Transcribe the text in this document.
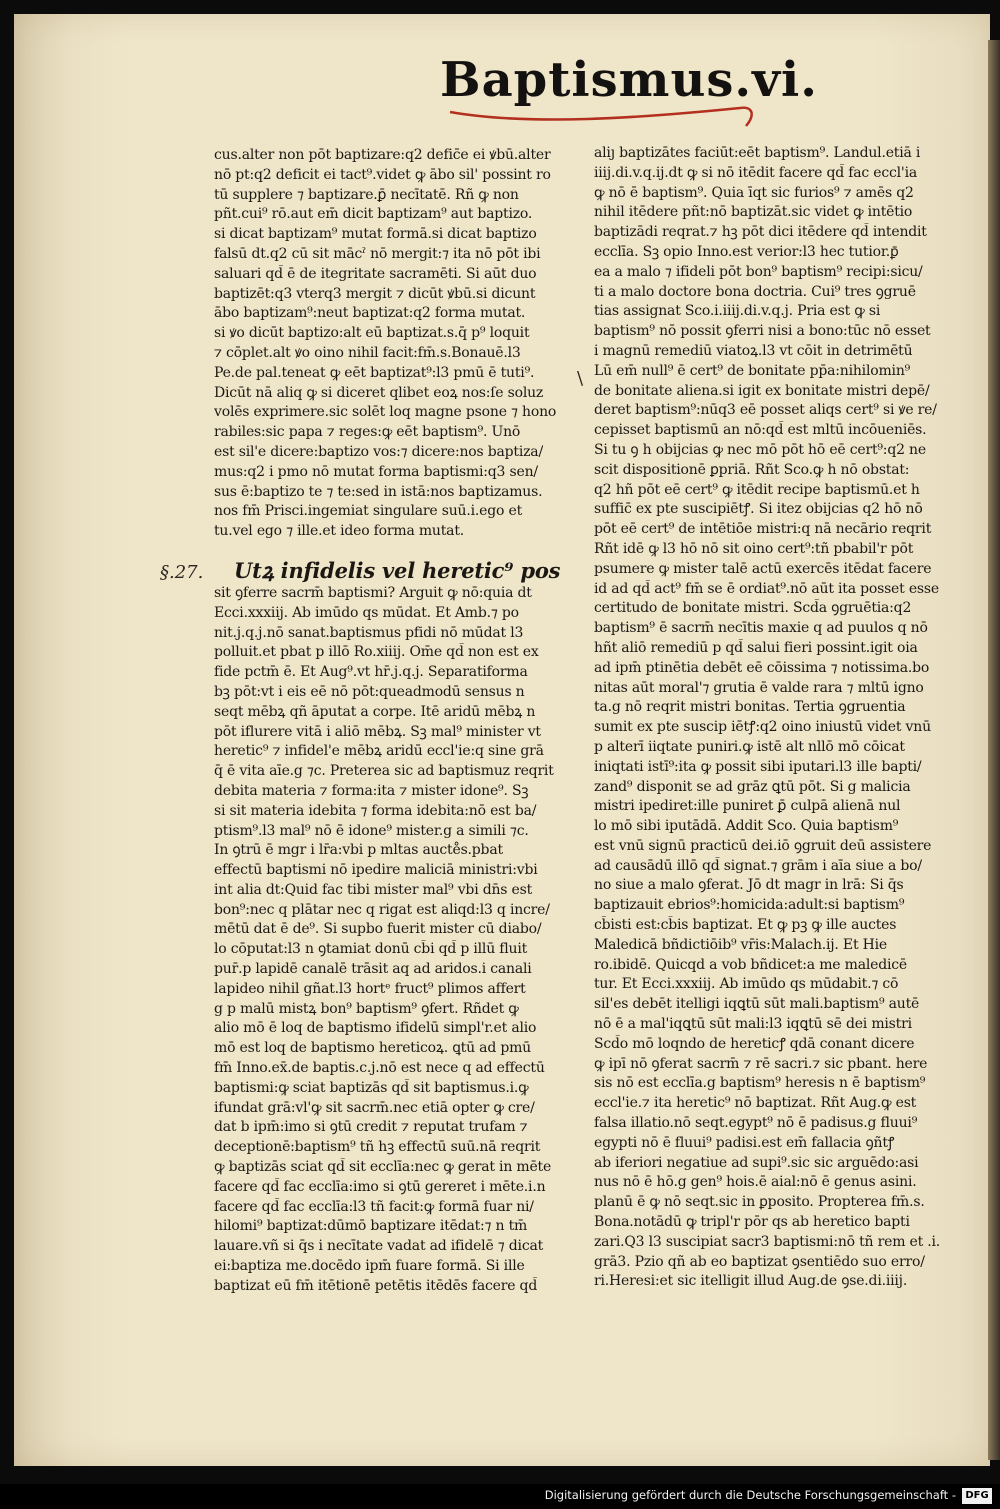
Baptismus.vi.
\
§.27.
cus.alter non pōt baptizare:q2 defic̄e ei ꝟbū.alter
nō pt:q2 deficit ei tact⁹.videt ꝙ ābo sil' possint ro
tū supplere ⁊ baptizare.ꝑ̄ necītatē. Rñ ꝙ non
pñt.cui⁹ rō.aut em̄ dicit baptizam⁹ aut baptizo.
si dicat baptizam⁹ mutat formā.si dicat baptizo
falsū dt.q2 cū sit mācˀ nō mergit:⁊ ita nō pōt ibi
saluari qd̄ ē de itegritate sacramēti. Si aūt duo
baptizēt:q3 vterq3 mergit ⁊ dicūt ꝟbū.si dicunt
ābo baptizam⁹:neut baptizat:q2 forma mutat.
si ꝟo dicūt baptizo:alt eū baptizat.s.q̄ p⁹ loquit
⁊ cōplet.alt ꝟo oino nihil facit:fm̄.s.Bonauē.l3
Pe.de pal.teneat ꝙ eēt baptizat⁹:l3 pmū ē tuti⁹.
Dicūt nā aliq ꝙ si diceret qlibet eoꝝ nos:ſe soluz
volēs exprimere.sic solēt loq magne psone ⁊ hono
rabiles:sic papa ⁊ reges:ꝙ eēt baptism⁹. Unō
est sil'e dicere:baptizo vos:⁊ dicere:nos baptiza/
mus:q2 i pmo nō mutat forma baptismi:q3 sen/
sus ē:baptizo te ⁊ te:sed in istā:nos baptizamus.
nos fm̄ Prisci.ingemiat singulare suū.i.ego et
tu.vel ego ⁊ ille.et ideo forma mutat.
Utꝝ infidelis vel heretic⁹ pos
sit ꝯferre sacrm̄ baptismi? Arguit ꝙ nō:quia dt
Ecci.xxxiij. Ab imūdo qs mūdat. Et Amb.⁊ po
nit.j.q.j.nō sanat.baptismus pfidi nō mūdat l3
polluit.et pbat p illō Ro.xiiij. Om̄e qd̄ non est ex
fide pctm̄ ē. Et Aug⁹.vt hr̄.j.q.j. Separatiforma
bꝫ pōt:vt i eis eē nō pōt:queadmodū sensus n
seqt mēbꝝ qñ āputat a corpe. Itē aridū mēbꝝ n
pōt iflurere vitā i aliō mēbꝝ. Sꝫ mal⁹ minister vt
heretic⁹ ⁊ infidel'e mēbꝝ aridū eccl'ie:q sine grā
q̄ ē vita aīe.g ⁊c. Preterea sic ad baptismuz reqrit
debita materia ⁊ forma:ita ⁊ mister idone⁹. Sꝫ
si sit materia idebita ⁊ forma idebita:nō est ba/
ptism⁹.l3 mal⁹ nō ē idone⁹ mister.g a simili ⁊c.
In ꝯtrū ē mgr i lr̄a:vbi p mltas aucte̊s.pbat
effectū baptismi nō ipedire maliciā ministri:vbi
int alia dt:Quid fac tibi mister mal⁹ vbi dn̄s est
bon⁹:nec q plātar nec q rigat est aliqd:l3 q incre/
mētū dat ē de⁹. Si supbo fuerit mister cū diabo/
lo cōputat:l3 n ꝯtamiat donū cb̄i qd̄ p illū fluit
pur̄.p lapidē canalē trāsit aq ad aridos.i canali
lapideo nihil gñat.l3 hortᵉ fruct⁹ plimos affert
g p malū mistꝝ bon⁹ baptism⁹ ꝯfert. Rñdet ꝙ
alio mō ē loq de baptismo ifidelū simpl'r.et alio
mō est loq de baptismo hereticoꝝ. ꝗtū ad pmū
fm̄ Inno.ex̄.de baptis.c.j.nō est nece q ad effectū
baptismi:ꝙ sciat baptizās qd̄ sit baptismus.i.ꝙ
ifundat grā:vl'ꝙ sit sacrm̄.nec etiā opter ꝙ cre/
dat b ipm̄:imo si ꝯtū credit ⁊ reputat trufam ⁊
deceptionē:baptism⁹ tñ hꝫ effectū suū.nā reqrit
ꝙ baptizās sciat qd̄ sit ecclīa:nec ꝙ gerat in mēte
facere qd̄ fac ecclīa:imo si ꝯtū gereret i mēte.i.n
facere qd̄ fac ecclīa:l3 tñ facit:ꝙ formā fuar ni/
hilomi⁹ baptizat:dūmō baptizare itēdat:⁊ n tm̄
lauare.vñ si q̄s i necītate vadat ad ifidelē ⁊ dicat
ei:baptiza me.docēdo ipm̄ fuare formā. Si ille
baptizat eū fm̄ itētionē petētis itēdēs facere qd̄
aliȷ baptizātes faciūt:eēt baptism⁹. Landul.etiā i
iiij.di.v.q.ij.dt ꝙ si nō itēdit facere qd̄ fac eccl'ia
ꝙ nō ē baptism⁹. Quia īqt sic furios⁹ ⁊ amēs q2
nihil itēdere pñt:nō baptizāt.sic videt ꝙ intētio
baptizādi reqrat.⁊ hꝫ pōt dici itēdere qd̄ intendit
ecclīa. Sꝫ opio Inno.est verior:l3 hec tutior.ꝑ̄
ea a malo ⁊ ifideli pōt bon⁹ baptism⁹ recipi:sicu/
ti a malo doctore bona doctria. Cui⁹ tres ꝯgruē
tias assignat Sco.i.iiij.di.v.q.j. Pria est ꝙ si
baptism⁹ nō possit ꝯferri nisi a bono:tūc nō esset
i magnū remediū viatoꝝ.l3 vt cōit in detrimētū
Lū em̄ null⁹ ē cert⁹ de bonitate pp̄a:nihilomin⁹
de bonitate aliena.si igit ex bonitate mistri depē/
deret baptism⁹:nūq3 eē posset aliqs cert⁹ si ꝟe re/
cepisset baptismū an nō:qd̄ est mltū incōueniēs.
Si tu ꝯ h obijcias ꝙ nec mō pōt hō eē cert⁹:q2 ne
scit dispositionē ꝑpriā. Rñt Sco.ꝙ h nō obstat:
q2 hñ pōt eē cert⁹ ꝙ itēdit recipe baptismū.et h
suffic̄ ex pte suscipiētꝭ. Si itez obijcias q2 hō nō
pōt eē cert⁹ de intētiōe mistri:q nā necārio reqrit
Rñt idē ꝙ l3 hō nō sit oino cert⁹:tñ pbabil'r pōt
psumere ꝙ mister talē actū exercēs itēdat facere
id ad qd̄ act⁹ fm̄ se ē ordiat⁹.nō aūt ita posset esse
certitudo de bonitate mistri. Scd̄a ꝯgruētia:q2
baptism⁹ ē sacrm̄ necītis maxie q ad puulos q nō
hñt aliō remediū p qd̄ salui fieri possint.igit oia
ad ipm̄ ptinētia debēt eē cōissima ⁊ notissima.bo
nitas aūt moral'⁊ grutia ē valde rara ⁊ mltū igno
ta.g nō reqrit mistri bonitas. Tertia ꝯgruentia
sumit ex pte suscip iētꝭ:q2 oino iniustū videt vnū
p alterī iiqtate puniri.ꝙ istē alt nllō mō cōicat
iniqtati istī⁹:ita ꝙ possit sibi iputari.l3 ille bapti/
zand⁹ disponit se ad grāz ꝗtū pōt. Si g malicia
mistri ipediret:ille puniret ꝑ̄ culpā alienā nul
lo mō sibi iputādā. Addit Sco. Quia baptism⁹
est vnū signū practicū dei.iō ꝯgruit deū assistere
ad causādū illō qd̄ signat.⁊ grām i aīa siue a bo/
no siue a malo ꝯferat. Jō dt magr in lrā: Si q̄s
baptizauit ebrios⁹:homicida:adult:si baptism⁹
cb̄isti est:cb̄is baptizat. Et ꝙ pꝫ ꝙ ille auctes
Maledicā bñdictiōib⁹ vr̄is:Malach.ij. Et Hie
ro.ibidē. Quicqd a vob bñdicet:a me maledicē
tur. Et Ecci.xxxiij. Ab imūdo qs mūdabit.⁊ cō
sil'es debēt itelligi iqꝗtū sūt mali.baptism⁹ autē
nō ē a mal'iqꝗtū sūt mali:l3 iqꝗtū sē dei mistri
Scd̄o mō loqndo de hereticꝭ qdā conant dicere
ꝙ ipī nō ꝯferat sacrm̄ ⁊ rē sacri.⁊ sic pbant. here
sis nō est ecclīa.g baptism⁹ heresis n ē baptism⁹
eccl'ie.⁊ ita heretic⁹ nō baptizat. Rñt Aug.ꝙ est
falsa illatio.nō seqt.egypt⁹ nō ē padisus.g fluui⁹
egypti nō ē fluui⁹ padisi.est em̄ fallacia ꝯñtꝭ
ab iferiori negatiue ad supi⁹.sic sic arguēdo:asi
nus nō ē hō.g gen⁹ hois.ē aial:nō ē genus asini.
planū ē ꝙ nō seqt.sic in ꝑposito. Propterea fm̄.s.
Bona.notādū ꝙ tripl'r pōr qs ab heretico bapti
zari.Q3 l3 suscipiat sacr3 baptismi:nō tñ rem et .i.
grā3. Pzio qñ ab eo baptizat ꝯsentiēdo suo erro/
ri.Heresi:et sic itelligit illud Aug.de ꝯse.di.iiij.
Digitalisierung gefördert durch die Deutsche Forschungsgemeinschaft - DFG
